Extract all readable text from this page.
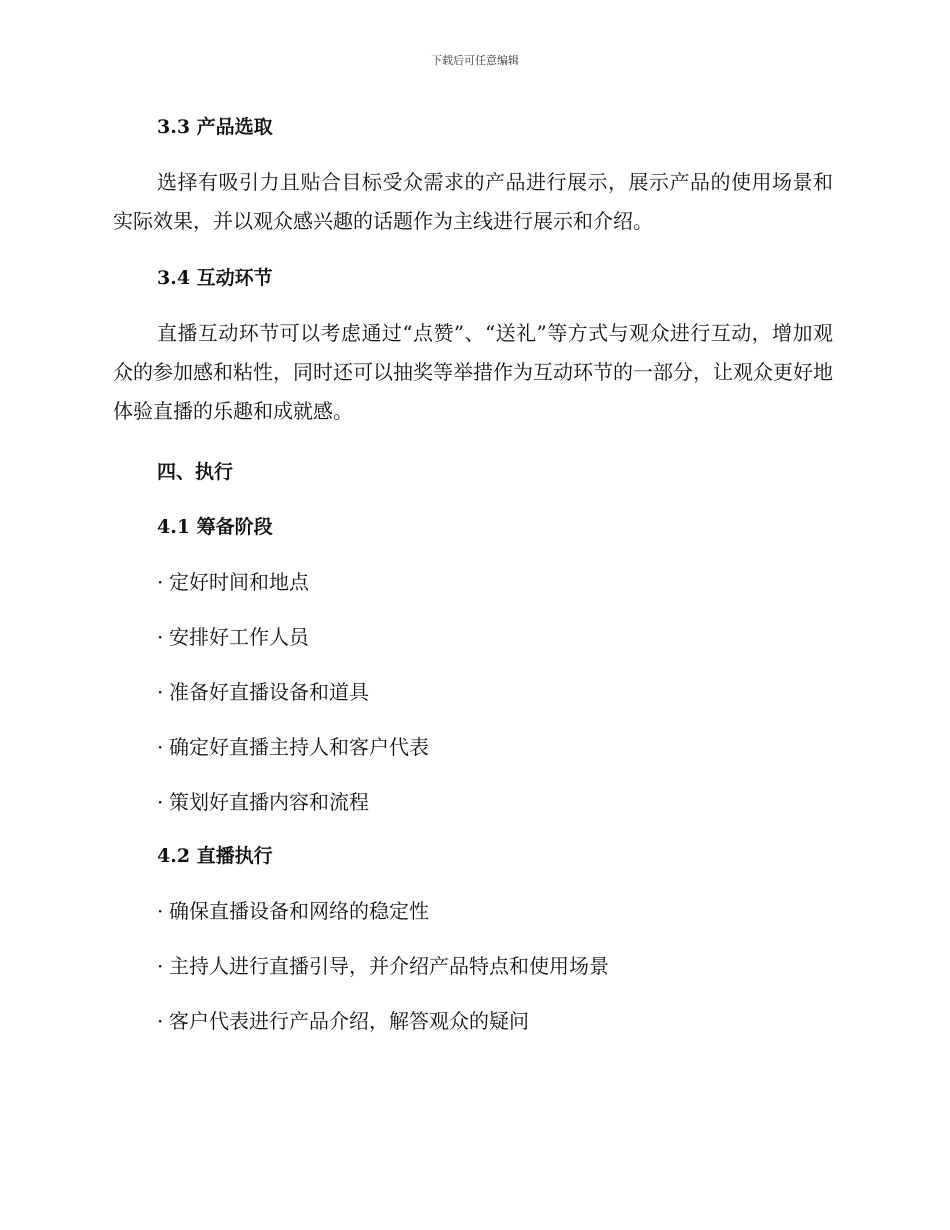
下载后可任意编辑
3.3 产品选取
选择有吸引力且贴合目标受众需求的产品进行展示，展示产品的使用场景和实际效果，并以观众感兴趣的话题作为主线进行展示和介绍。
3.4 互动环节
直播互动环节可以考虑通过“点赞”、“送礼”等方式与观众进行互动，增加观众的参加感和粘性，同时还可以抽奖等举措作为互动环节的一部分，让观众更好地体验直播的乐趣和成就感。
四、执行
4.1 筹备阶段
· 定好时间和地点
· 安排好工作人员
· 准备好直播设备和道具
· 确定好直播主持人和客户代表
· 策划好直播内容和流程
4.2 直播执行
· 确保直播设备和网络的稳定性
· 主持人进行直播引导，并介绍产品特点和使用场景
· 客户代表进行产品介绍，解答观众的疑问
